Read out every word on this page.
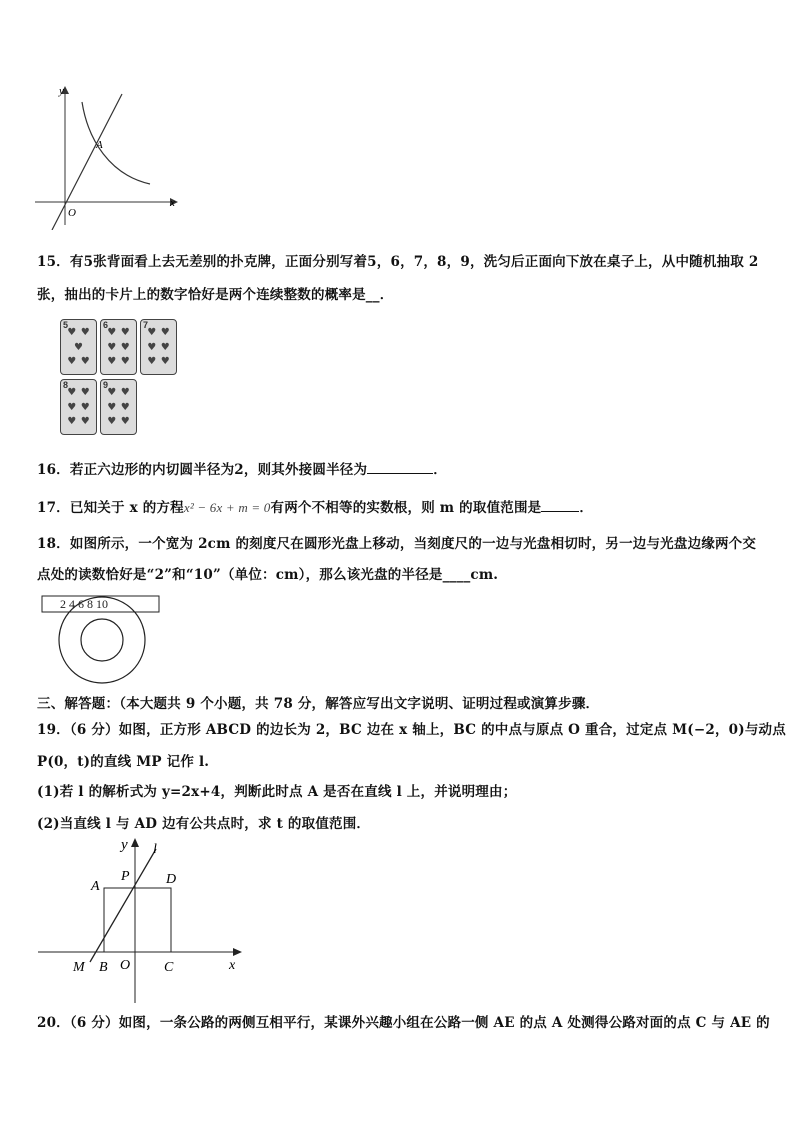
y
x
O
A
15．有5张背面看上去无差别的扑克牌，正面分别写着5，6，7，8，9，洗匀后正面向下放在桌子上，从中随机抽取 2
张，抽出的卡片上的数字恰好是两个连续整数的概率是__．
5
♥ ♥
♥
♥ ♥
6
♥ ♥
♥ ♥
♥ ♥
7
♥ ♥
♥ ♥
♥ ♥
8
♥ ♥
♥ ♥
♥ ♥
9
♥ ♥
♥ ♥
♥ ♥
16．若正六边形的内切圆半径为2，则其外接圆半径为	．
17．已知关于 x 的方程x² − 6x + m = 0有两个不相等的实数根，则 m 的取值范围是	．
18．如图所示，一个宽为 2cm 的刻度尺在圆形光盘上移动，当刻度尺的一边与光盘相切时，另一边与光盘边缘两个交
点处的读数恰好是“2”和“10”（单位：cm），那么该光盘的半径是____cm.
2 4 6 8 10
三、解答题：（本大题共 9 个小题，共 78 分，解答应写出文字说明、证明过程或演算步骤．
19．（6 分）如图，正方形 ABCD 的边长为 2，BC 边在 x 轴上，BC 的中点与原点 O 重合，过定点 M(−2，0)与动点
P(0，t)的直线 MP 记作 l.
(1)若 l 的解析式为 y=2x+4，判断此时点 A 是否在直线 l 上，并说明理由；
(2)当直线 l 与 AD 边有公共点时，求 t 的取值范围．
y l
A
P	D
M B O C	x
20．（6 分）如图，一条公路的两侧互相平行，某课外兴趣小组在公路一侧 AE 的点 A 处测得公路对面的点 C 与 AE 的
